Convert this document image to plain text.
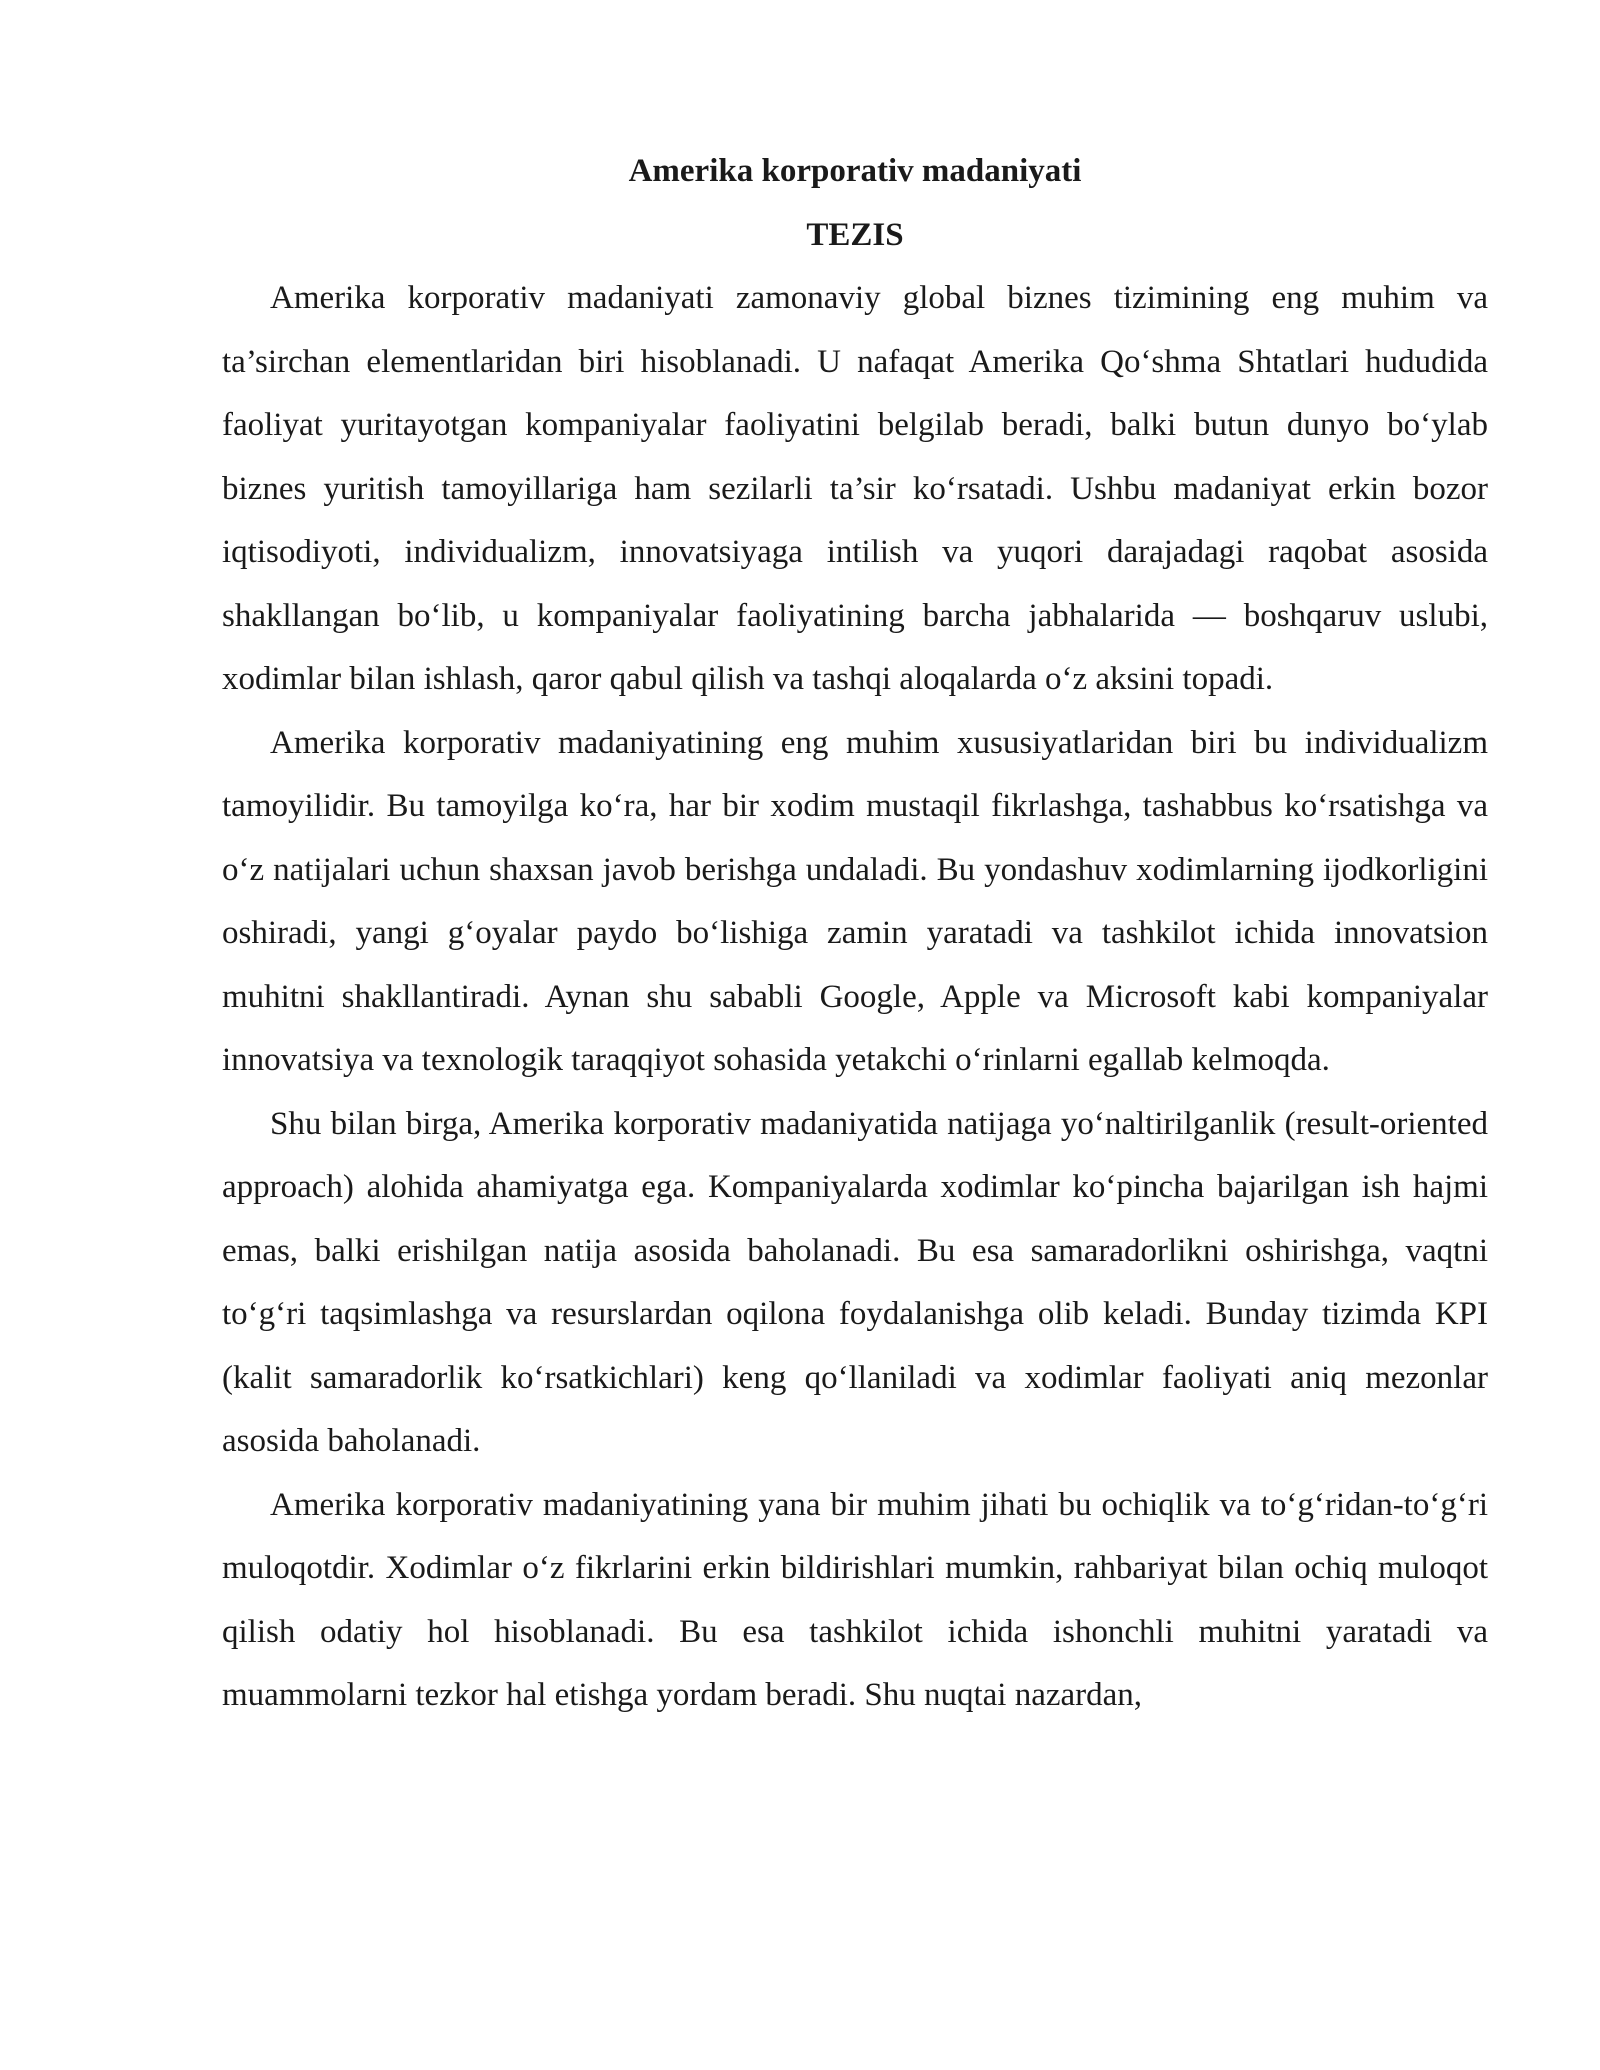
Amerika korporativ madaniyati

TEZIS

Amerika korporativ madaniyati zamonaviy global biznes tizimining eng muhim va ta’sirchan elementlaridan biri hisoblanadi. U nafaqat Amerika Qo‘shma Shtatlari hududida faoliyat yuritayotgan kompaniyalar faoliyatini belgilab beradi, balki butun dunyo bo‘ylab biznes yuritish tamoyillariga ham sezilarli ta’sir ko‘rsatadi. Ushbu madaniyat erkin bozor iqtisodiyoti, individualizm, innovatsiyaga intilish va yuqori darajadagi raqobat asosida shakllangan bo‘lib, u kompaniyalar faoliyatining barcha jabhalarida — boshqaruv uslubi, xodimlar bilan ishlash, qaror qabul qilish va tashqi aloqalarda o‘z aksini topadi.

Amerika korporativ madaniyatining eng muhim xususiyatlaridan biri bu individualizm tamoyilidir. Bu tamoyilga ko‘ra, har bir xodim mustaqil fikrlashga, tashabbus ko‘rsatishga va o‘z natijalari uchun shaxsan javob berishga undaladi. Bu yondashuv xodimlarning ijodkorligini oshiradi, yangi g‘oyalar paydo bo‘lishiga zamin yaratadi va tashkilot ichida innovatsion muhitni shakllantiradi. Aynan shu sababli Google, Apple va Microsoft kabi kompaniyalar innovatsiya va texnologik taraqqiyot sohasida yetakchi o‘rinlarni egallab kelmoqda.

Shu bilan birga, Amerika korporativ madaniyatida natijaga yo‘naltirilganlik (result-oriented approach) alohida ahamiyatga ega. Kompaniyalarda xodimlar ko‘pincha bajarilgan ish hajmi emas, balki erishilgan natija asosida baholanadi. Bu esa samaradorlikni oshirishga, vaqtni to‘g‘ri taqsimlashga va resurslardan oqilona foydalanishga olib keladi. Bunday tizimda KPI (kalit samaradorlik ko‘rsatkichlari) keng qo‘llaniladi va xodimlar faoliyati aniq mezonlar asosida baholanadi.

Amerika korporativ madaniyatining yana bir muhim jihati bu ochiqlik va to‘g‘ridan-to‘g‘ri muloqotdir. Xodimlar o‘z fikrlarini erkin bildirishlari mumkin, rahbariyat bilan ochiq muloqot qilish odatiy hol hisoblanadi. Bu esa tashkilot ichida ishonchli muhitni yaratadi va muammolarni tezkor hal etishga yordam beradi. Shu nuqtai nazardan,
